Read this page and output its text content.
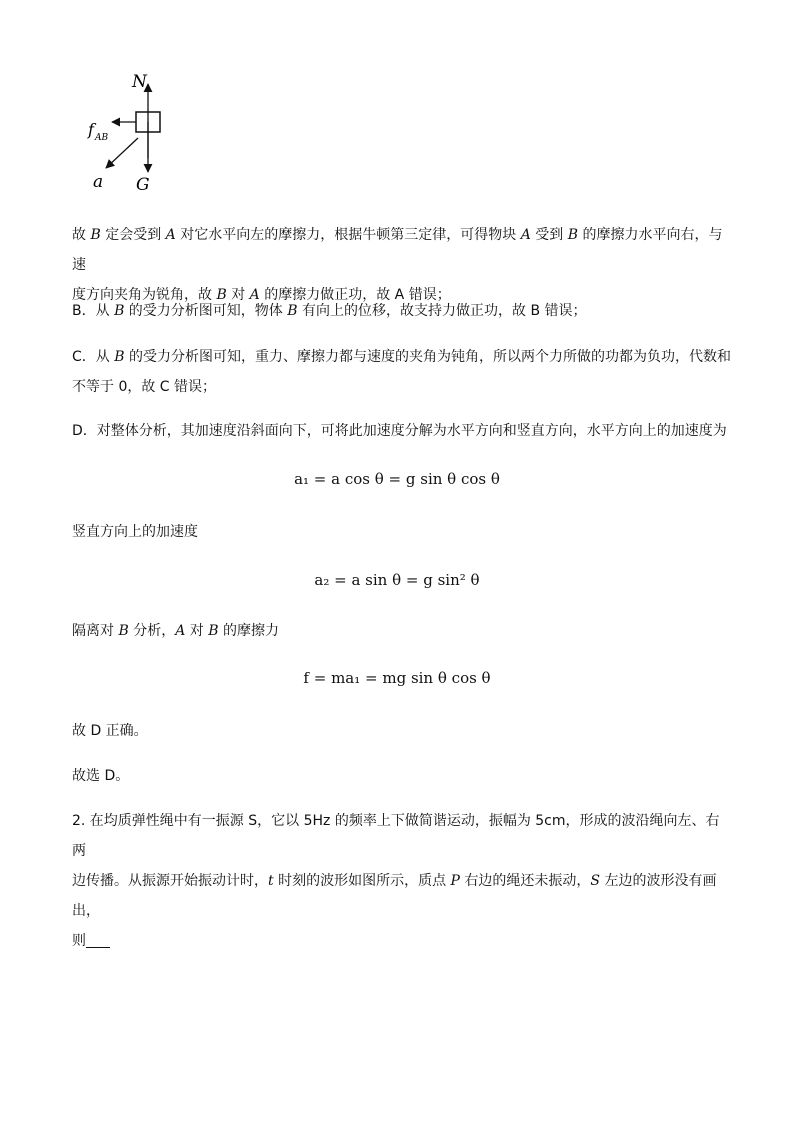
N
f AB
a G
故 B 定会受到 A 对它水平向左的摩擦力，根据牛顿第三定律，可得物块 A 受到 B 的摩擦力水平向右，与速
度方向夹角为锐角，故 B 对 A 的摩擦力做正功，故 A 错误；
B．从 B 的受力分析图可知，物体 B 有向上的位移，故支持力做正功，故 B 错误；
C．从 B 的受力分析图可知，重力、摩擦力都与速度的夹角为钝角，所以两个力所做的功都为负功，代数和
不等于 0，故 C 错误；
D．对整体分析，其加速度沿斜面向下，可将此加速度分解为水平方向和竖直方向，水平方向上的加速度为
a₁ = a cos θ = g sin θ cos θ
竖直方向上的加速度
a₂ = a sin θ = g sin² θ
隔离对 B 分析，A 对 B 的摩擦力
f = ma₁ = mg sin θ cos θ
故 D 正确。
故选 D。
2. 在均质弹性绳中有一振源 S，它以 5Hz 的频率上下做简谐运动，振幅为 5cm，形成的波沿绳向左、右两
边传播。从振源开始振动计时，t 时刻的波形如图所示，质点 P 右边的绳还未振动，S 左边的波形没有画出，
则
